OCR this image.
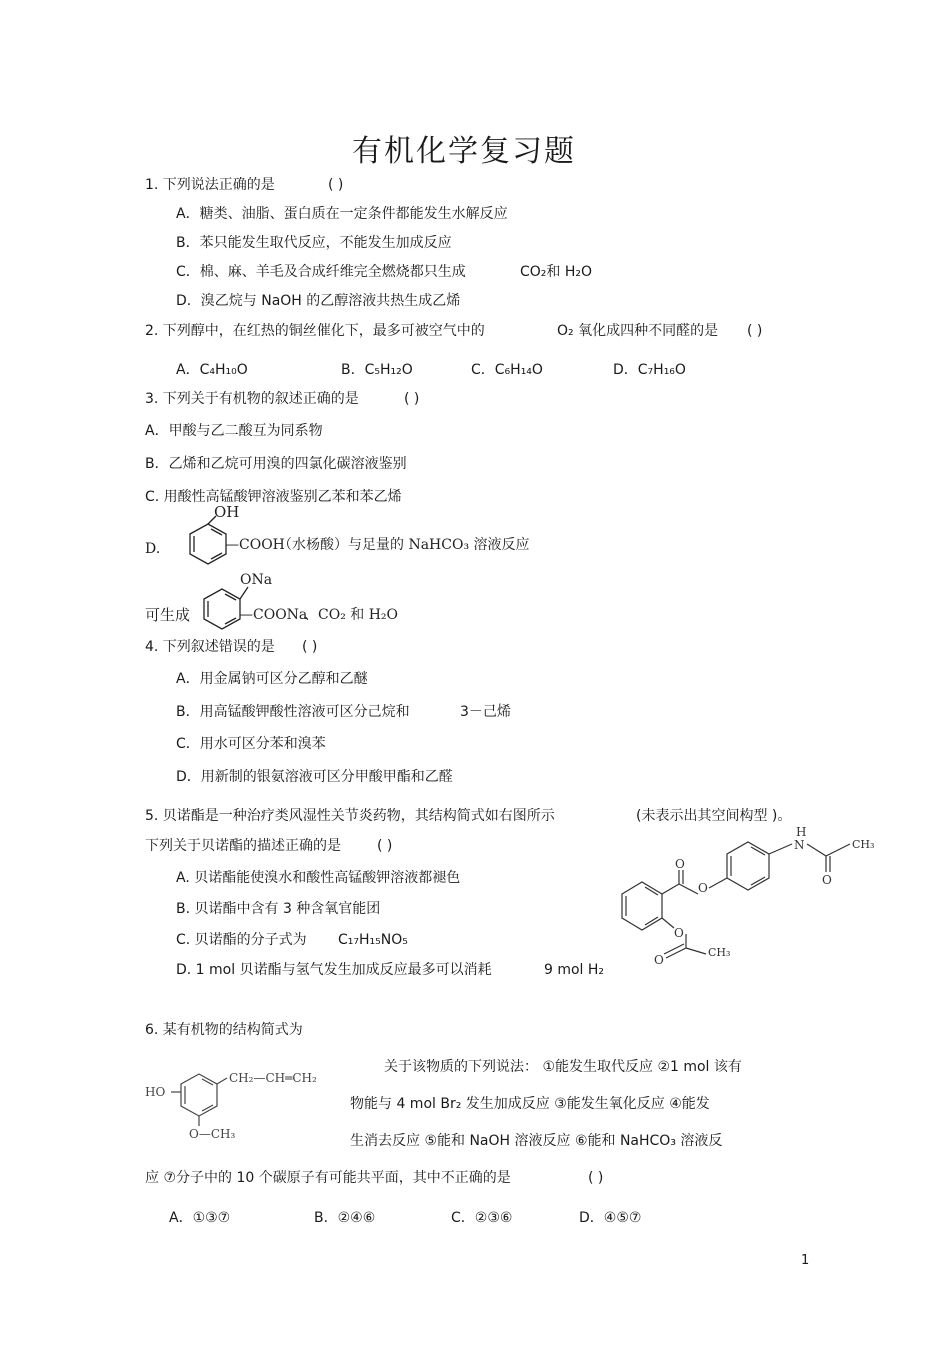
有机化学复习题
1. 下列说法正确的是	( )
A．糖类、油脂、蛋白质在一定条件都能发生水解反应
B．苯只能发生取代反应，不能发生加成反应
C．棉、麻、羊毛及合成纤维完全燃烧都只生成	CO₂和 H₂O
D．溴乙烷与 NaOH 的乙醇溶液共热生成乙烯
2. 下列醇中，在红热的铜丝催化下，最多可被空气中的	O₂ 氧化成四种不同醛的是 ( )
A．C₄H₁₀O	B．C₅H₁₂O	C．C₆H₁₄O	D．C₇H₁₆O
3. 下列关于有机物的叙述正确的是	( )
A．甲酸与乙二酸互为同系物
B．乙烯和乙烷可用溴的四氯化碳溶液鉴别
C. 用酸性高锰酸钾溶液鉴别乙苯和苯乙烯
D.
OH
—COOH
（水杨酸）与足量的 NaHCO₃ 溶液反应
可生成
ONa
—COONa
、CO₂ 和 H₂O
4. 下列叙述错误的是 ( )
A．用金属钠可区分乙醇和乙醚
B．用高锰酸钾酸性溶液可区分己烷和	3－己烯
C．用水可区分苯和溴苯
D．用新制的银氨溶液可区分甲酸甲酯和乙醛
5. 贝诺酯是一种治疗类风湿性关节炎药物，其结构简式如右图所示	(未表示出其空间构型 )。
下列关于贝诺酯的描述正确的是	( )
A. 贝诺酯能使溴水和酸性高锰酸钾溶液都褪色
B. 贝诺酯中含有 3 种含氧官能团
C. 贝诺酯的分子式为 C₁₇H₁₅NO₅
D. 1 mol 贝诺酯与氢气发生加成反应最多可以消耗	9 mol H₂
O
O
H
N
O
CH₃
O
O
CH₃
6. 某有机物的结构简式为
HO
CH₂—CH═CH₂
O—CH₃
关于该物质的下列说法： ①能发生取代反应 ②1 mol 该有
物能与 4 mol Br₂ 发生加成反应 ③能发生氧化反应 ④能发
生消去反应 ⑤能和 NaOH 溶液反应 ⑥能和 NaHCO₃ 溶液反
应 ⑦分子中的 10 个碳原子有可能共平面，其中不正确的是	( )
A．①③⑦	B．②④⑥	C．②③⑥	D．④⑤⑦
1
